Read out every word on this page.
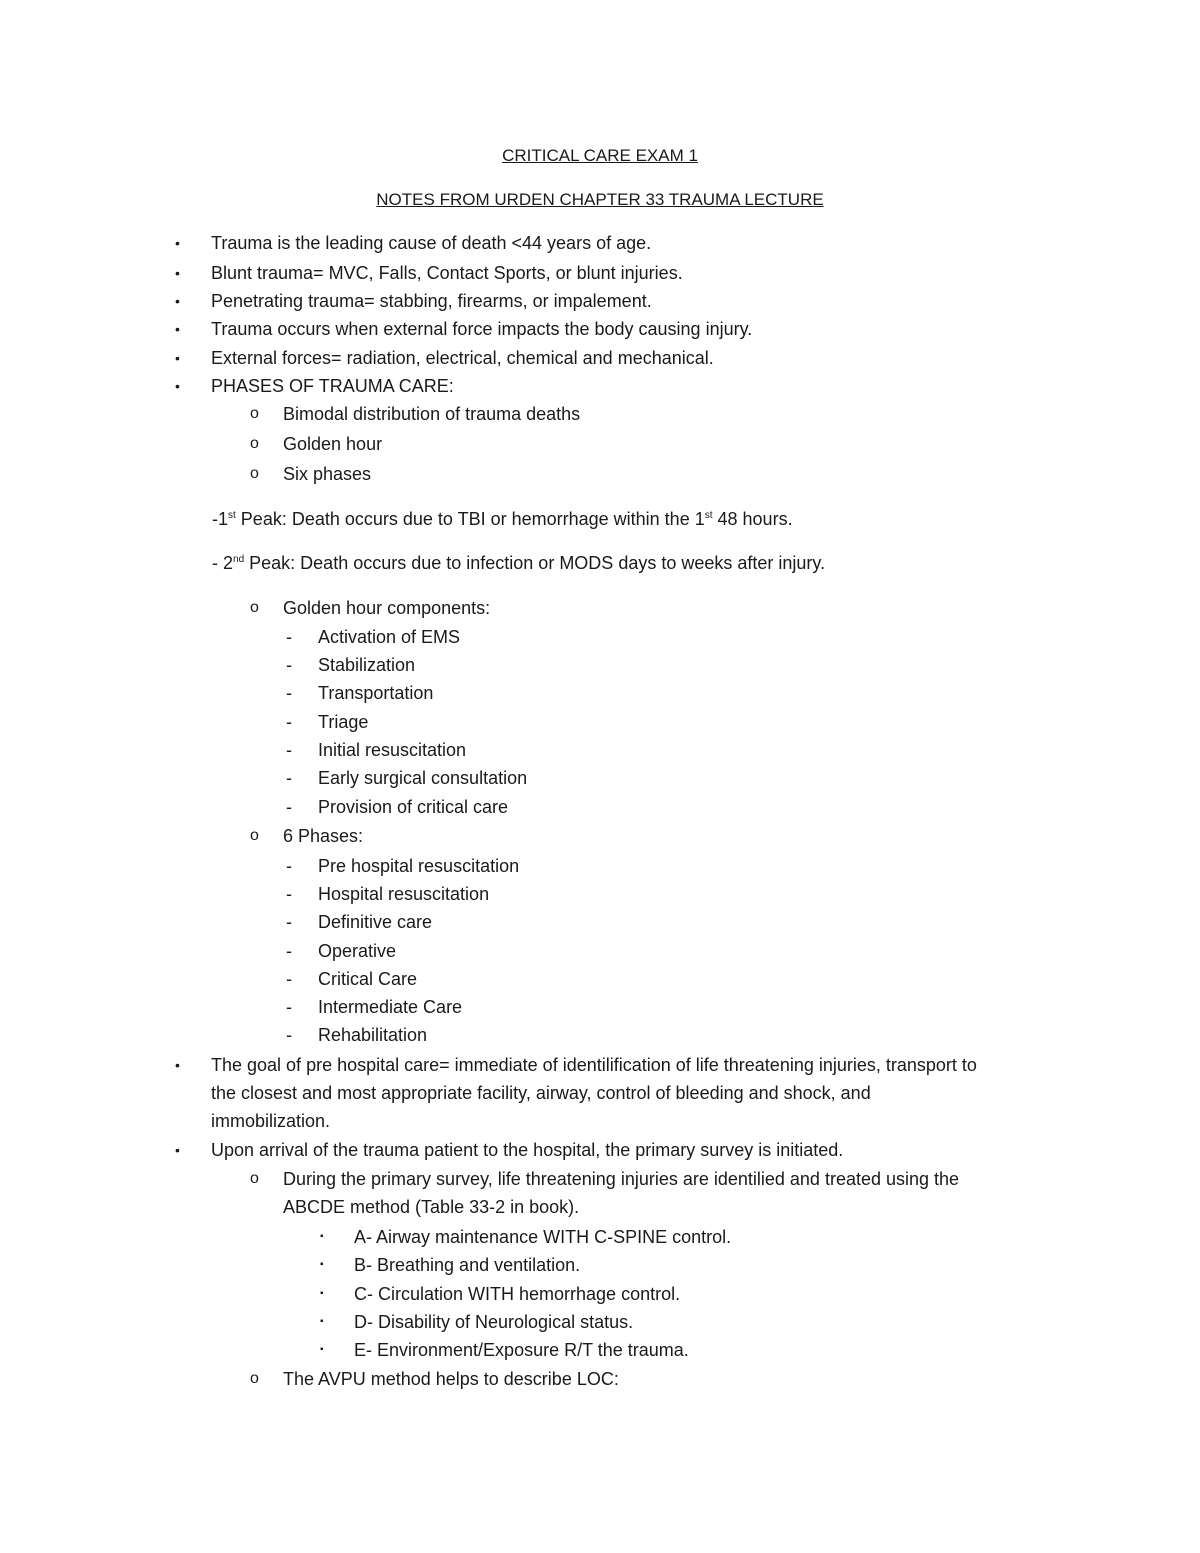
CRITICAL CARE EXAM 1
NOTES FROM URDEN CHAPTER 33 TRAUMA LECTURE
• Trauma is the leading cause of death <44 years of age.
• Blunt trauma= MVC, Falls, Contact Sports, or blunt injuries.
• Penetrating trauma= stabbing, firearms, or impalement.
• Trauma occurs when external force impacts the body causing injury.
• External forces= radiation, electrical, chemical and mechanical.
• PHASES OF TRAUMA CARE:
o Bimodal distribution of trauma deaths
o Golden hour
o Six phases
-1st Peak: Death occurs due to TBI or hemorrhage within the 1st 48 hours.
- 2nd Peak: Death occurs due to infection or MODS days to weeks after injury.
o Golden hour components:
- Activation of EMS
- Stabilization
- Transportation
- Triage
- Initial resuscitation
- Early surgical consultation
- Provision of critical care
o 6 Phases:
- Pre hospital resuscitation
- Hospital resuscitation
- Definitive care
- Operative
- Critical Care
- Intermediate Care
- Rehabilitation
• The goal of pre hospital care= immediate of identilification of life threatening injuries, transport to
the closest and most appropriate facility, airway, control of bleeding and shock, and
immobilization.
• Upon arrival of the trauma patient to the hospital, the primary survey is initiated.
o During the primary survey, life threatening injuries are identilied and treated using the
ABCDE method (Table 33-2 in book).
▪ A- Airway maintenance WITH C-SPINE control.
▪ B- Breathing and ventilation.
▪ C- Circulation WITH hemorrhage control.
▪ D- Disability of Neurological status.
▪ E- Environment/Exposure R/T the trauma.
o The AVPU method helps to describe LOC:
